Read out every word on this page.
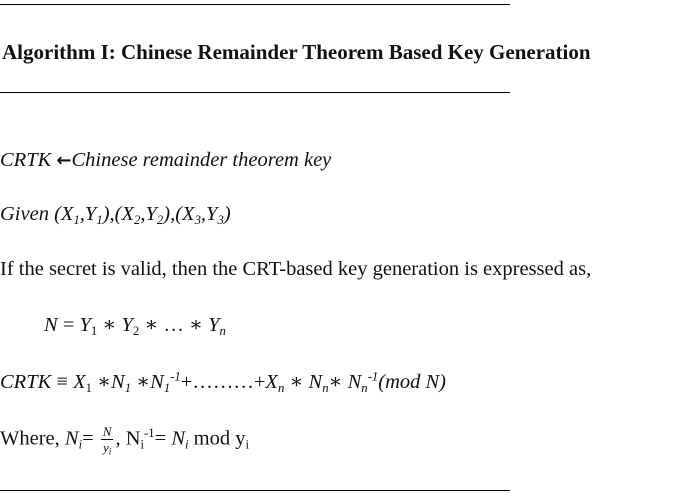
Algorithm I: Chinese Remainder Theorem Based Key Generation
CRTK ←Chinese remainder theorem key
Given $(X_1,Y_1),(X_2,Y_2),(X_3,Y_3)$
If the secret is valid, then the CRT-based key generation is expressed as,
$N = Y_1$ ∗ $Y_2$ ∗ … ∗ $Y_n$
CRTK ≡ $X_1$ $∗N_1$ $∗N_1^{-1}+\dots\dots\dots+X_n$ ∗ $N_n∗$ $N_n^{-1}(mod$ N)
Where, $N_i= \frac{N}{y_i}$ , $N_i^{-1}= N_i$ mod $y_i$
